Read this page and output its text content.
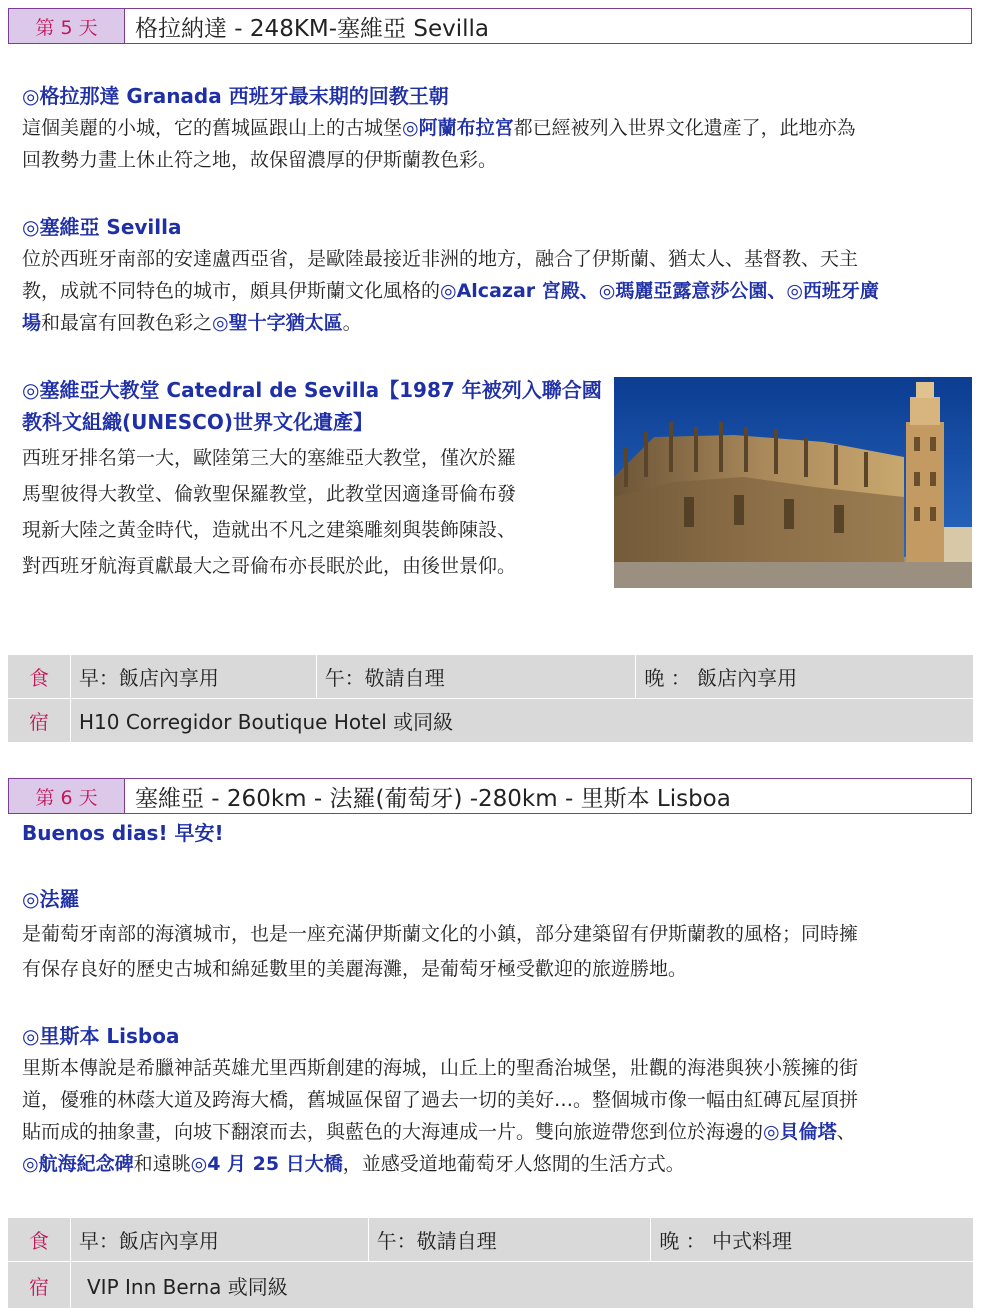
第 5 天	格拉納達 - 248KM-塞維亞 Sevilla
◎格拉那達 Granada 西班牙最末期的回教王朝
這個美麗的小城，它的舊城區跟山上的古城堡◎阿蘭布拉宮都已經被列入世界文化遺產了，此地亦為
回教勢力畫上休止符之地，故保留濃厚的伊斯蘭教色彩。
◎塞維亞 Sevilla
位於西班牙南部的安達盧西亞省，是歐陸最接近非洲的地方，融合了伊斯蘭、猶太人、基督教、天主
教，成就不同特色的城市，頗具伊斯蘭文化風格的◎Alcazar 宮殿、◎瑪麗亞露意莎公園、◎西班牙廣
場和最富有回教色彩之◎聖十字猶太區。
◎塞維亞大教堂 Catedral de Sevilla【1987 年被列入聯合國
教科文組織(UNESCO)世界文化遺產】
西班牙排名第一大，歐陸第三大的塞維亞大教堂，僅次於羅
馬聖彼得大教堂、倫敦聖保羅教堂，此教堂因適逢哥倫布發
現新大陸之黃金時代，造就出不凡之建築雕刻與裝飾陳設、
對西班牙航海貢獻最大之哥倫布亦長眠於此，由後世景仰。
食	早：飯店內享用	午：敬請自理	晚 ： 飯店內享用
宿	H10 Corregidor Boutique Hotel 或同級
第 6 天	塞維亞 - 260km - 法羅(葡萄牙) -280km - 里斯本 Lisboa
Buenos dias! 早安!
◎法羅
是葡萄牙南部的海濱城市，也是一座充滿伊斯蘭文化的小鎮，部分建築留有伊斯蘭教的風格；同時擁
有保存良好的歷史古城和綿延數里的美麗海灘，是葡萄牙極受歡迎的旅遊勝地。
◎里斯本 Lisboa
里斯本傳說是希臘神話英雄尤里西斯創建的海城，山丘上的聖喬治城堡，壯觀的海港與狹小簇擁的街
道，優雅的林蔭大道及跨海大橋，舊城區保留了過去一切的美好…。整個城市像一幅由紅磚瓦屋頂拼
貼而成的抽象畫，向坡下翻滾而去，與藍色的大海連成一片。雙向旅遊帶您到位於海邊的◎貝倫塔、
◎航海紀念碑和遠眺◎4 月 25 日大橋，並感受道地葡萄牙人悠閒的生活方式。
食	早：飯店內享用	午：敬請自理	晚 ： 中式料理
宿	VIP Inn Berna 或同級
